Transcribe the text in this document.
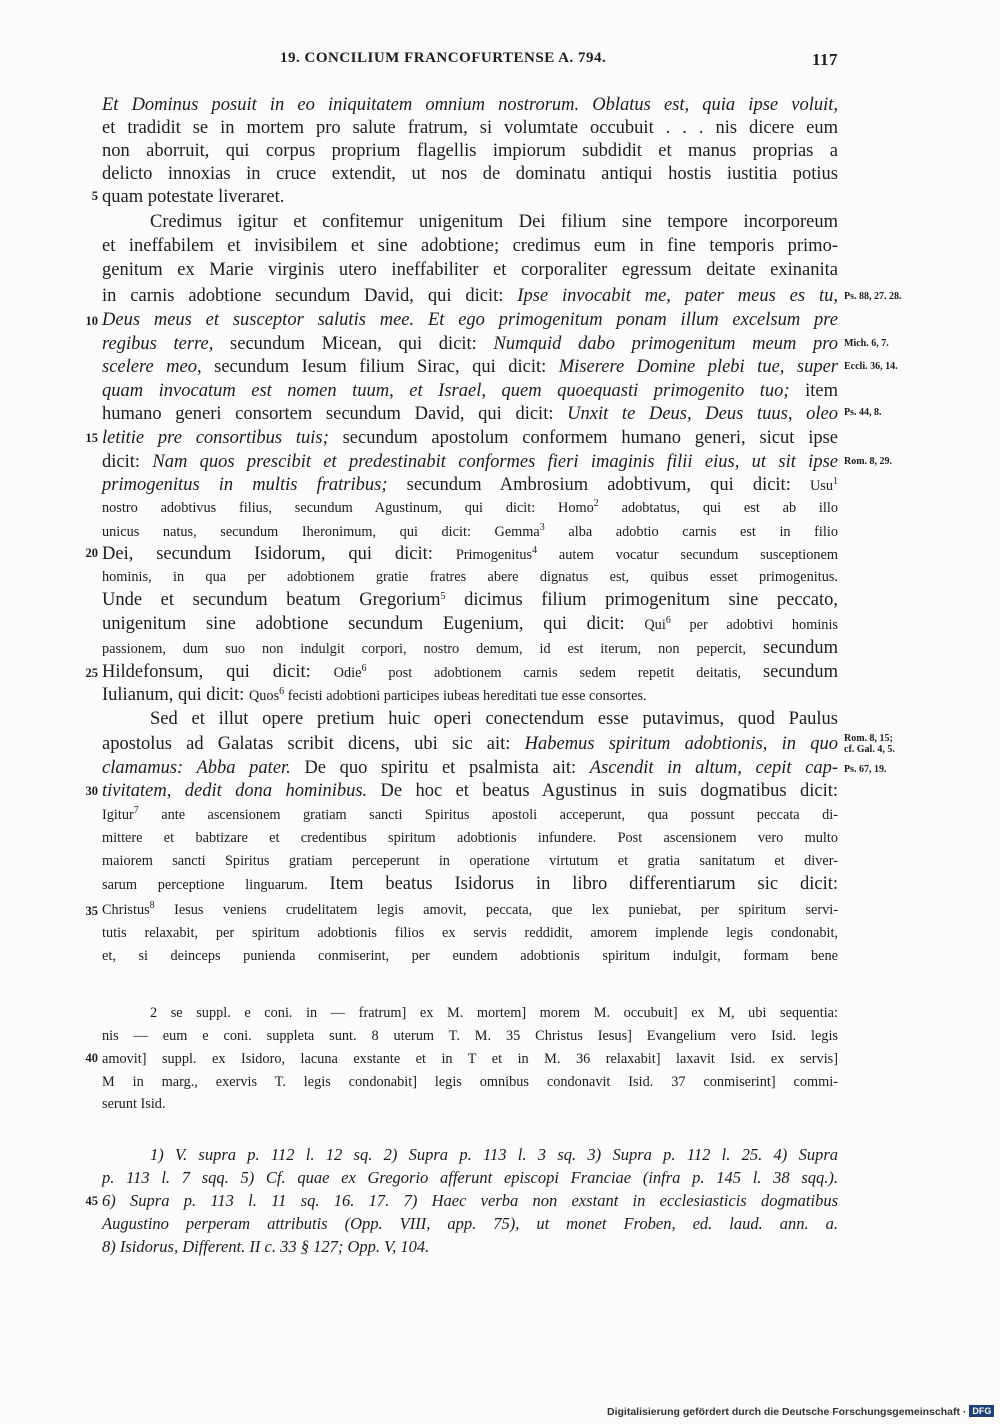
19. CONCILIUM FRANCOFURTENSE A. 794.	117
5
10
15
20
25
30
35
40
45
Ps. 88, 27. 28.
Mich. 6, 7.
Eccli. 36, 14.
Ps. 44, 8.
Rom. 8, 29.
Rom. 8, 15;
cf. Gal. 4, 5.
Ps. 67, 19.
Et Dominus posuit in eo iniquitatem omnium nostrorum. Oblatus est, quia ipse voluit,
et tradidit se in mortem pro salute fratrum, si volumtate occubuit . . . nis dicere eum
non aborruit, qui corpus proprium flagellis impiorum subdidit et manus proprias a
delicto innoxias in cruce extendit, ut nos de dominatu antiqui hostis iustitia potius
quam potestate liveraret.
Credimus igitur et confitemur unigenitum Dei filium sine tempore incorporeum
et ineffabilem et invisibilem et sine adobtione; credimus eum in fine temporis primo-
genitum ex Marie virginis utero ineffabiliter et corporaliter egressum deitate exinanita
in carnis adobtione secundum David, qui dicit: Ipse invocabit me, pater meus es tu,
Deus meus et susceptor salutis mee. Et ego primogenitum ponam illum excelsum pre
regibus terre, secundum Micean, qui dicit: Numquid dabo primogenitum meum pro
scelere meo, secundum Iesum filium Sirac, qui dicit: Miserere Domine plebi tue, super
quam invocatum est nomen tuum, et Israel, quem quoequasti primogenito tuo; item
humano generi consortem secundum David, qui dicit: Unxit te Deus, Deus tuus, oleo
letitie pre consortibus tuis; secundum apostolum conformem humano generi, sicut ipse
dicit: Nam quos prescibit et predestinabit conformes fieri imaginis filii eius, ut sit ipse
primogenitus in multis fratribus; secundum Ambrosium adobtivum, qui dicit: Usu$^1$
nostro adobtivus filius, secundum Agustinum, qui dicit: Homo$^2$ adobtatus, qui est ab illo
unicus natus, secundum Iheronimum, qui dicit: Gemma$^3$ alba adobtio carnis est in filio
Dei, secundum Isidorum, qui dicit: Primogenitus$^4$ autem vocatur secundum susceptionem
hominis, in qua per adobtionem gratie fratres abere dignatus est, quibus esset primogenitus.
Unde et secundum beatum Gregorium$^5$ dicimus filium primogenitum sine peccato,
unigenitum sine adobtione secundum Eugenium, qui dicit: Qui$^6$ per adobtivi hominis
passionem, dum suo non indulgit corpori, nostro demum, id est iterum, non pepercit, secundum
Hildefonsum, qui dicit: Odie$^6$ post adobtionem carnis sedem repetit deitatis, secundum
Iulianum, qui dicit: Quos$^6$ fecisti adobtioni participes iubeas hereditati tue esse consortes.
Sed et illut opere pretium huic operi conectendum esse putavimus, quod Paulus
apostolus ad Galatas scribit dicens, ubi sic ait: Habemus spiritum adobtionis, in quo
clamamus: Abba pater. De quo spiritu et psalmista ait: Ascendit in altum, cepit cap-
tivitatem, dedit dona hominibus. De hoc et beatus Agustinus in suis dogmatibus dicit:
Igitur$^7$ ante ascensionem gratiam sancti Spiritus apostoli acceperunt, qua possunt peccata di-
mittere et babtizare et credentibus spiritum adobtionis infundere. Post ascensionem vero multo
maiorem sancti Spiritus gratiam perceperunt in operatione virtutum et gratia sanitatum et diver-
sarum perceptione linguarum. Item beatus Isidorus in libro differentiarum sic dicit:
Christus$^8$ Iesus veniens crudelitatem legis amovit, peccata, que lex puniebat, per spiritum servi-
tutis relaxabit, per spiritum adobtionis filios ex servis reddidit, amorem implende legis condonabit,
et, si deinceps punienda conmiserint, per eundem adobtionis spiritum indulgit, formam bene
2 se suppl. e coni. in — fratrum] ex M. mortem] morem M. occubuit] ex M, ubi sequentia:
nis — eum e coni. suppleta sunt. 8 uterum T. M. 35 Christus Iesus] Evangelium vero Isid. legis
amovit] suppl. ex Isidoro, lacuna exstante et in T et in M. 36 relaxabit] laxavit Isid. ex servis]
M in marg., exervis T. legis condonabit] legis omnibus condonavit Isid. 37 conmiserint] commi-
serunt Isid.
1) V. supra p. 112 l. 12 sq. 2) Supra p. 113 l. 3 sq. 3) Supra p. 112 l. 25. 4) Supra
p. 113 l. 7 sqq. 5) Cf. quae ex Gregorio afferunt episcopi Franciae (infra p. 145 l. 38 sqq.).
6) Supra p. 113 l. 11 sq. 16. 17. 7) Haec verba non exstant in ecclesiasticis dogmatibus
Augustino perperam attributis (Opp. VIII, app. 75), ut monet Froben, ed. laud. ann. a.
8) Isidorus, Different. II c. 33 § 127; Opp. V, 104.
Digitalisierung gefördert durch die Deutsche Forschungsgemeinschaft · DFG
